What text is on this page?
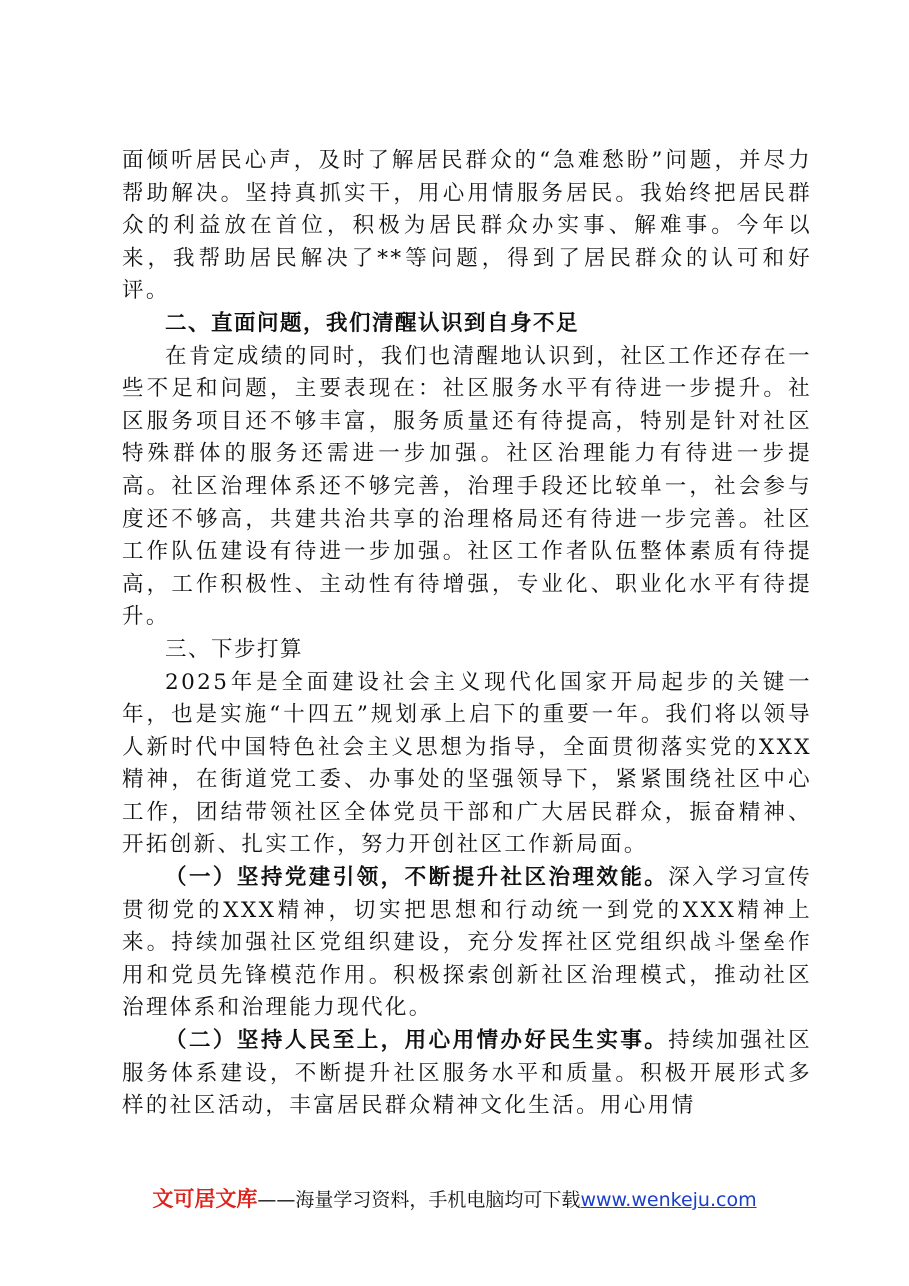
面倾听居民心声，及时了解居民群众的“急难愁盼”问题，并尽力帮助解决。坚持真抓实干，用心用情服务居民。我始终把居民群众的利益放在首位，积极为居民群众办实事、解难事。今年以来，我帮助居民解决了**等问题，得到了居民群众的认可和好评。

二、直面问题，我们清醒认识到自身不足

在肯定成绩的同时，我们也清醒地认识到，社区工作还存在一些不足和问题，主要表现在：社区服务水平有待进一步提升。社区服务项目还不够丰富，服务质量还有待提高，特别是针对社区特殊群体的服务还需进一步加强。社区治理能力有待进一步提高。社区治理体系还不够完善，治理手段还比较单一，社会参与度还不够高，共建共治共享的治理格局还有待进一步完善。社区工作队伍建设有待进一步加强。社区工作者队伍整体素质有待提高，工作积极性、主动性有待增强，专业化、职业化水平有待提升。

三、下步打算

2025年是全面建设社会主义现代化国家开局起步的关键一年，也是实施“十四五”规划承上启下的重要一年。我们将以领导人新时代中国特色社会主义思想为指导，全面贯彻落实党的XXX精神，在街道党工委、办事处的坚强领导下，紧紧围绕社区中心工作，团结带领社区全体党员干部和广大居民群众，振奋精神、开拓创新、扎实工作，努力开创社区工作新局面。

（一）坚持党建引领，不断提升社区治理效能。深入学习宣传贯彻党的XXX精神，切实把思想和行动统一到党的XXX精神上来。持续加强社区党组织建设，充分发挥社区党组织战斗堡垒作用和党员先锋模范作用。积极探索创新社区治理模式，推动社区治理体系和治理能力现代化。

（二）坚持人民至上，用心用情办好民生实事。持续加强社区服务体系建设，不断提升社区服务水平和质量。积极开展形式多样的社区活动，丰富居民群众精神文化生活。用心用情

文可居文库——海量学习资料，手机电脑均可下载www.wenkeju.com
